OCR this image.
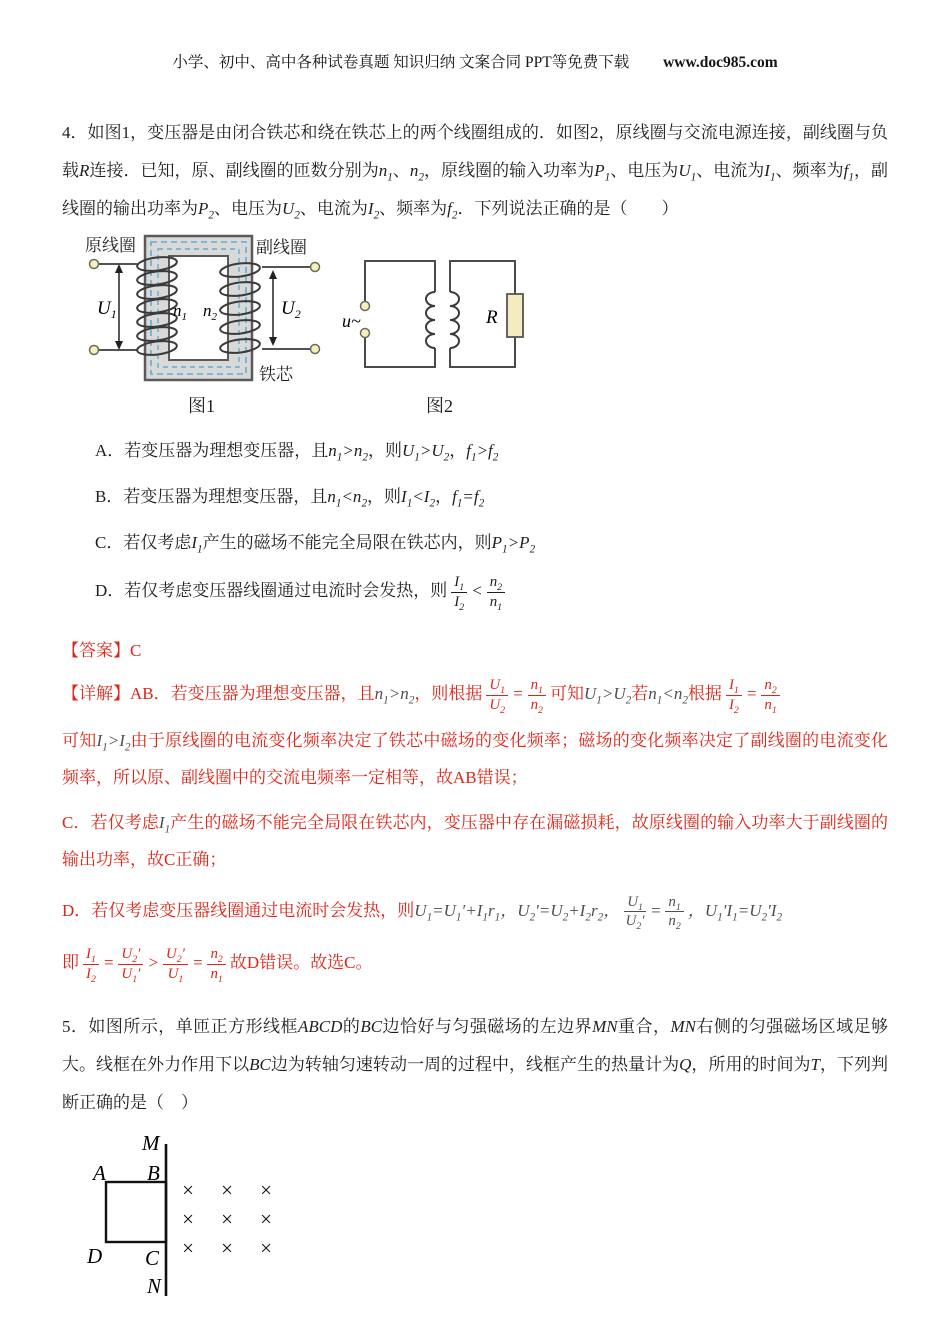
小学、初中、高中各种试卷真题 知识归纳 文案合同 PPT等免费下载 www.doc985.com
4．如图1，变压器是由闭合铁芯和绕在铁芯上的两个线圈组成的．如图2，原线圈与交流电源连接，副线圈与负载R连接．已知，原、副线圈的匝数分别为$n_1$、$n_2$，原线圈的输入功率为$P_1$、电压为$U_1$、电流为$I_1$、频率为$f_1$，副线圈的输出功率为$P_2$、电压为$U_2$、电流为$I_2$、频率为$f_2$．下列说法正确的是（　　）
原线圈	副线圈
铁芯
$U_1$	$U_2$
$n_1$ $n_2$
图1
u~	R
图2
A．若变压器为理想变压器，且$n_1>n_2$，则$U_1>U_2$，$f_1>f_2$
B．若变压器为理想变压器，且$n_1<n_2$，则$I_1<I_2$，$f_1=f_2$
C．若仅考虑$I_1$产生的磁场不能完全局限在铁芯内，则$P_1>P_2$
D．若仅考虑变压器线圈通过电流时会发热，则 $\frac{I_1}{I_2} < \frac{n_2}{n_1}$
【答案】C
【详解】AB．若变压器为理想变压器，且$n_1>n_2$，则根据 $\frac{U_1}{U_2} = \frac{n_1}{n_2}$ 可知$U_1>U_2$若$n_1<n_2$根据 $\frac{I_1}{I_2} = \frac{n_2}{n_1}$
可知$I_1>I_2$由于原线圈的电流变化频率决定了铁芯中磁场的变化频率；磁场的变化频率决定了副线圈的电流变化频率，所以原、副线圈中的交流电频率一定相等，故AB错误；
C．若仅考虑$I_1$产生的磁场不能完全局限在铁芯内，变压器中存在漏磁损耗，故原线圈的输入功率大于副线圈的输出功率，故C正确；
D．若仅考虑变压器线圈通过电流时会发热，则$U_1=U_1'+I_1r_1$，$U_2'=U_2+I_2r_2$， $\frac{U_1}{U_2'} = \frac{n_1}{n_2}$ ，$U_1'I_1=U_2'I_2$
即 $\frac{I_1}{I_2} = \frac{U_2'}{U_1'} > \frac{U_2'}{U_1} = \frac{n_2}{n_1}$ 故D错误。故选C。
5．如图所示，单匝正方形线框ABCD的BC边恰好与匀强磁场的左边界MN重合，MN右侧的匀强磁场区域足够大。线框在外力作用下以BC边为转轴匀速转动一周的过程中，线框产生的热量计为Q，所用的时间为T，下列判断正确的是（　）
M
A B
D C
N
× × ×
× × ×
× × ×
